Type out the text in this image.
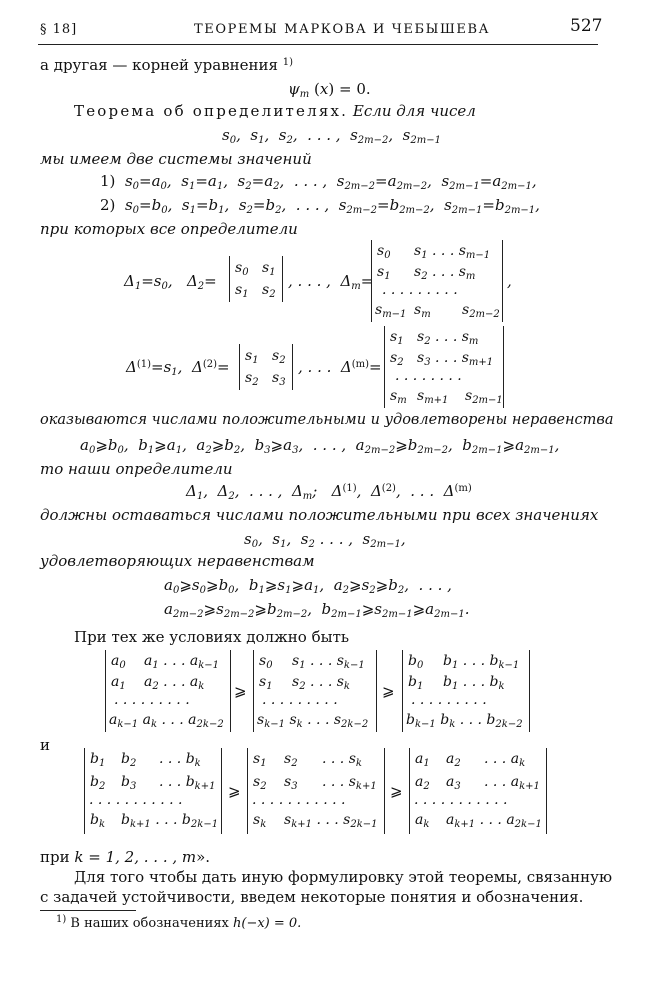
§ 18]	ТЕОРЕМЫ МАРКОВА И ЧЕБЫШЕВА	527
а другая — корней уравнения $^{1)}$
$\psi_m$ (x) = 0.
Теорема об определителях. Если для чисел
$s_0$,  $s_1$,  $s_2$,  . . . ,  $s_{2m-2}$,  $s_{2m-1}$
мы имеем две системы значений
1)  $s_0=a_0$,  $s_1=a_1$,  $s_2=a_2$,  . . . ,  $s_{2m-2}=a_{2m-2}$,  $s_{2m-1}=a_{2m-1}$,
2)  $s_0=b_0$,  $s_1=b_1$,  $s_2=b_2$,  . . . ,  $s_{2m-2}=b_{2m-2}$,  $s_{2m-1}=b_{2m-1}$,
при которых все определители
$\Delta_1=s_0$,   $\Delta_2=$
$s_0$ $s_1$
$s_1$ $s_2$
, . . . ,  $\Delta_m=$
$s_0$ $s_1$ . . . $s_{m-1}$
$s_1$ $s_2$ . . . $s_m$
. . . . . . . . .
$s_{m-1}$ $s_m$ $s_{2m-2}$
,
$\Delta^{(1)}=s_1$,  $\Delta^{(2)}=$
$s_1$ $s_2$
$s_2$ $s_3$
, . . .  $\Delta^{(m)}=$
$s_1$ $s_2$ . . . $s_m$
$s_2$ $s_3$ . . . $s_{m+1}$
. . . . . . . .
$s_m$ $s_{m+1}$ $s_{2m-1}$
оказываются числами положительными и удовлетворены неравенства
$a_0⩾b_0$,  $b_1⩾a_1$,  $a_2⩾b_2$,  $b_3⩾a_3$,  . . . ,  $a_{2m-2}⩾b_{2m-2}$,  $b_{2m-1}⩾a_{2m-1}$,
то наши определители
$\Delta_1$,  $\Delta_2$,  . . . ,  $\Delta_m$;   $\Delta^{(1)}$,  $\Delta^{(2)}$,  . . .  $\Delta^{(m)}$
должны оставаться числами положительными при всех значениях
$s_0$,  $s_1$,  $s_2$ . . . ,  $s_{2m-1}$,
удовлетворяющих неравенствам
$a_0⩾s_0⩾b_0$,  $b_1⩾s_1⩾a_1$,  $a_2⩾s_2⩾b_2$,  . . . ,
$a_{2m-2}⩾s_{2m-2}⩾b_{2m-2}$,  $b_{2m-1}⩾s_{2m-1}⩾a_{2m-1}$.
При тех же условиях должно быть
$a_0$ $a_1$ . . . $a_{k-1}$
$a_1$ $a_2$ . . . $a_k$
. . . . . . . . .
$a_{k-1}$ $a_k$ . . . $a_{2k-2}$
⩾
$s_0$ $s_1$ . . . $s_{k-1}$
$s_1$ $s_2$ . . . $s_k$
. . . . . . . . .
$s_{k-1}$ $s_k$ . . . $s_{2k-2}$
⩾
$b_0$ $b_1$ . . . $b_{k-1}$
$b_1$ $b_1$ . . . $b_k$
. . . . . . . . .
$b_{k-1}$ $b_k$ . . . $b_{2k-2}$
и
$b_1$ $b_2$ . . . $b_k$
$b_2$ $b_3$ . . . $b_{k+1}$
. . . . . . . . . . .
$b_k$ $b_{k+1}$ . . . $b_{2k-1}$
⩾
$s_1$ $s_2$ . . . $s_k$
$s_2$ $s_3$ . . . $s_{k+1}$
. . . . . . . . . . .
$s_k$ $s_{k+1}$ . . . $s_{2k-1}$
⩾
$a_1$ $a_2$ . . . $a_k$
$a_2$ $a_3$ . . . $a_{k+1}$
. . . . . . . . . . .
$a_k$ $a_{k+1}$ . . . $a_{2k-1}$
при k = 1, 2, . . . , m».
Для того чтобы дать иную формулировку этой теоремы, связанную
с задачей устойчивости, введем некоторые понятия и обозначения.
$^{1)}$ В наших обозначениях h(−x) = 0.
